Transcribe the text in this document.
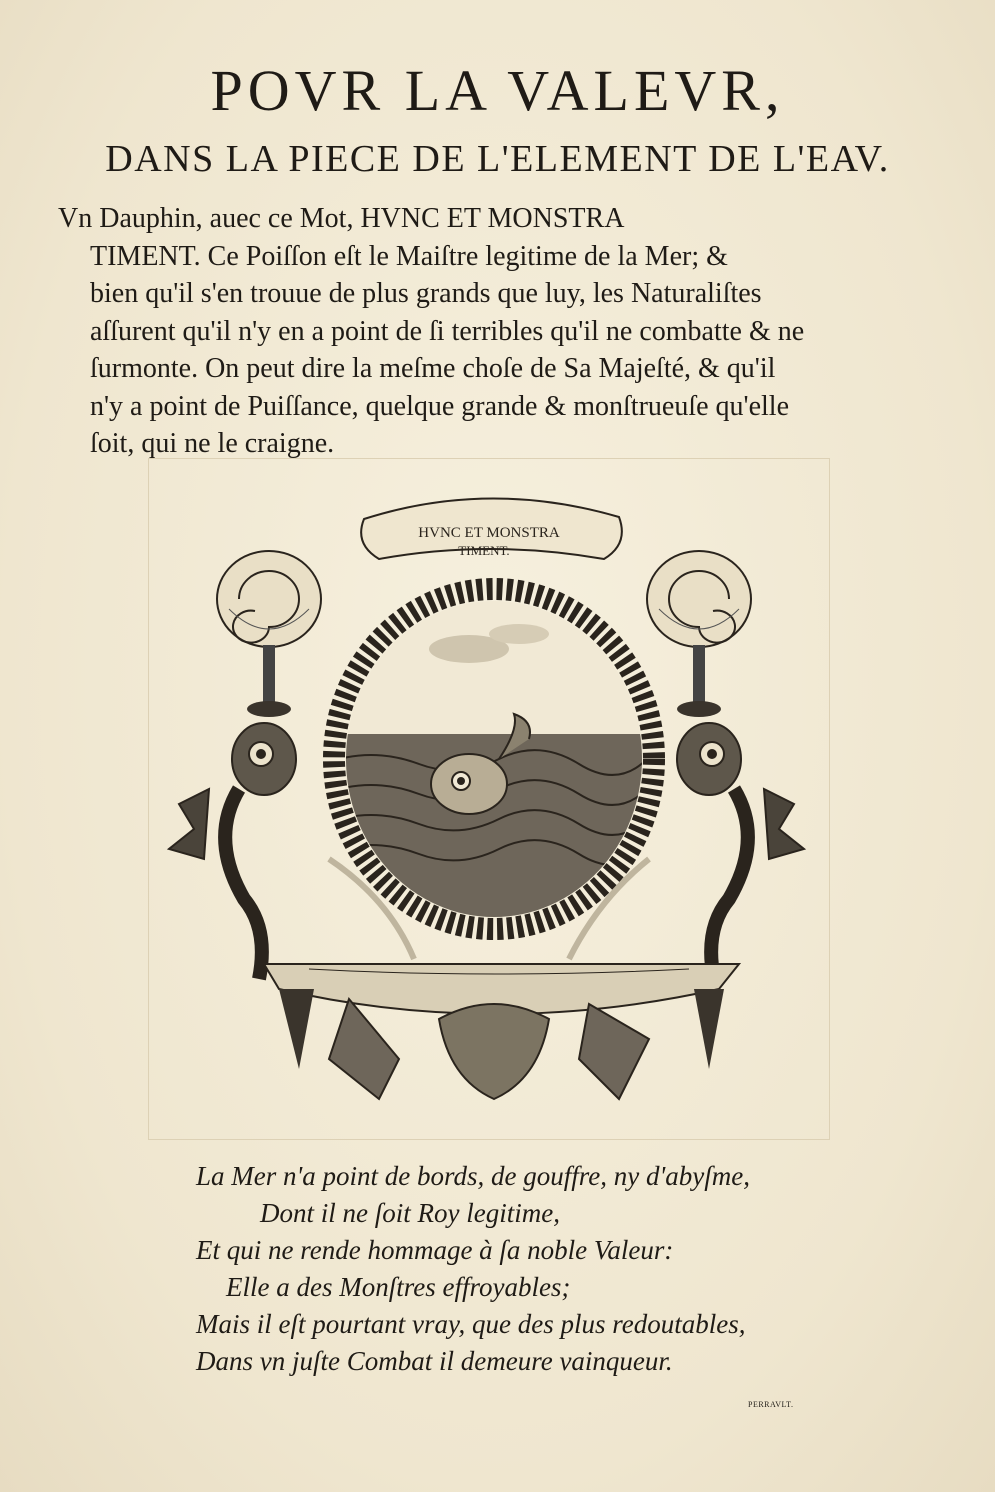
POVR LA VALEVR,
DANS LA PIECE DE L'ELEMENT DE L'EAV.
Vn Dauphin, auec ce Mot, HVNC ET MONSTRA
TIMENT. Ce Poiſſon eſt le Maiſtre legitime de la Mer; &
bien qu'il s'en trouue de plus grands que luy, les Naturaliſtes
aſſurent qu'il n'y en a point de ſi terribles qu'il ne combatte & ne
ſurmonte. On peut dire la meſme choſe de Sa Majeſté, & qu'il
n'y a point de Puiſſance, quelque grande & monſtrueuſe qu'elle
ſoit, qui ne le craigne.
HVNC ET MONSTRA
TIMENT.
La Mer n'a point de bords, de gouffre, ny d'abyſme,
Dont il ne ſoit Roy legitime,
Et qui ne rende hommage à ſa noble Valeur:
Elle a des Monſtres effroyables;
Mais il eſt pourtant vray, que des plus redoutables,
Dans vn juſte Combat il demeure vainqueur.
PERRAVLT.
